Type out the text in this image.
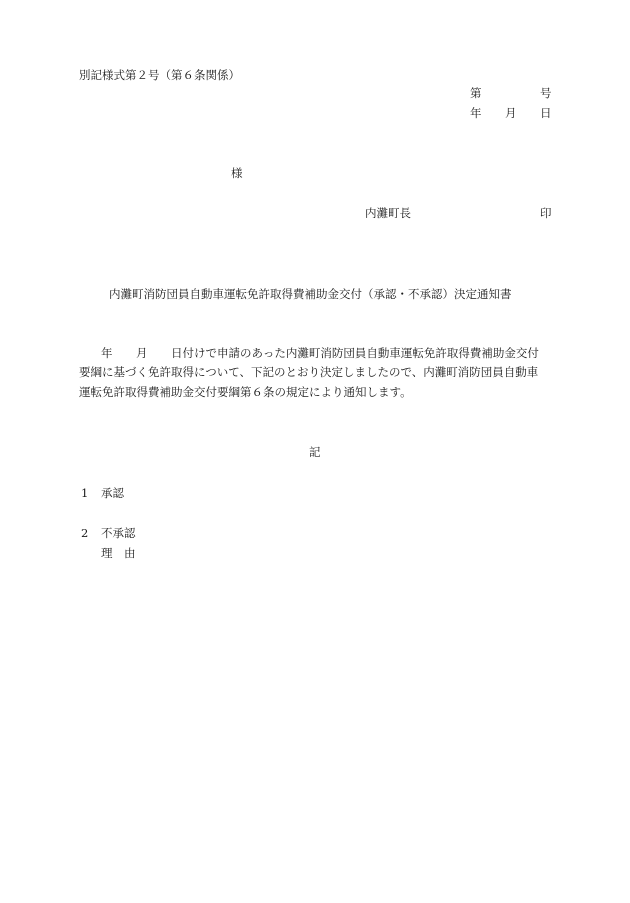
別記様式第２号（第６条関係）
第	号
年 月 日
様
内灘町長	印
内灘町消防団員自動車運転免許取得費補助金交付（承認・不承認）決定通知書
年 月 日付けで申請のあった内灘町消防団員自動車運転免許取得費補助金交付
要綱に基づく免許取得について、下記のとおり決定しましたので、内灘町消防団員自動車
運転免許取得費補助金交付要綱第６条の規定により通知します。
記
1 承認
2 不承認
理　由
